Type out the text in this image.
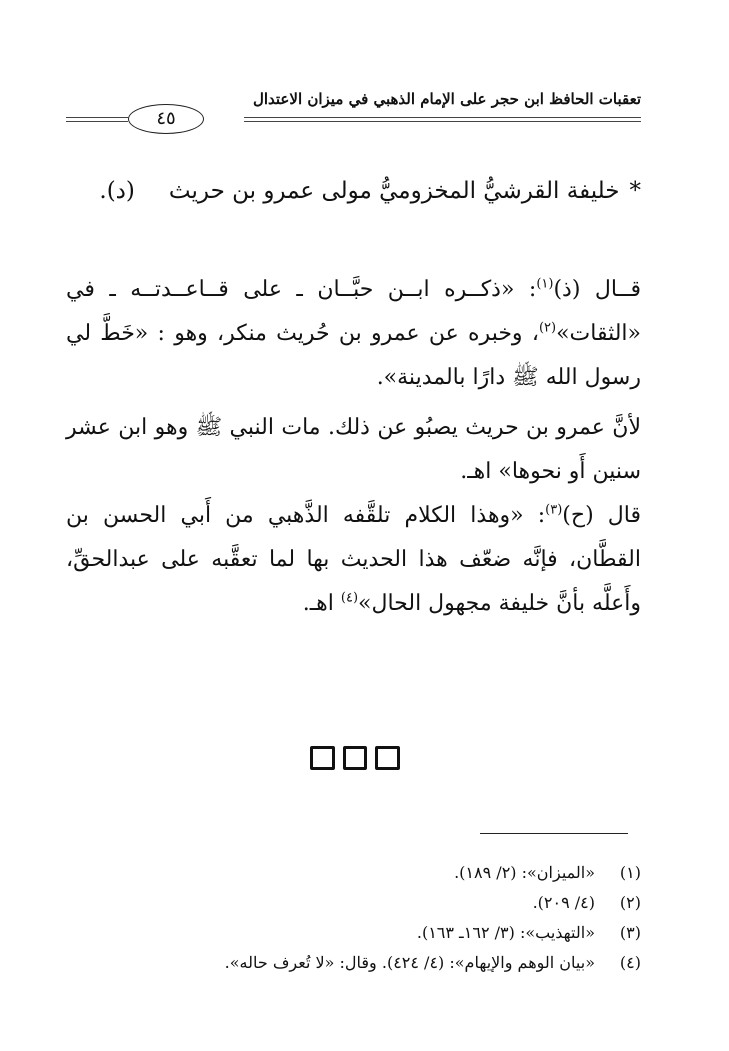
تعقبات الحافظ ابن حجر على الإمام الذهبي في ميزان الاعتدال
٤٥
*خليفة القرشيُّ المخزوميُّ مولى عمرو بن حريث(د).
قــال (ذ)$^{(١)}$: «ذكــره ابــن حبَّــان ـ على قــاعــدتــه ـ في «الثقات»$^{(٢)}$، وخبره عن عمرو بن حُريث منكر، وهو : «خَطَّ لي رسول الله ﷺ دارًا بالمدينة».
لأنَّ عمرو بن حريث يصبُو عن ذلك. مات النبي ﷺ وهو ابن عشر سنين أَو نحوها» اهـ.
قال (ح)$^{(٣)}$: «وهذا الكلام تلقَّفه الذَّهبي من أَبي الحسن بن القطَّان، فإنَّه ضعّف هذا الحديث بها لما تعقَّبه على عبدالحقِّ، وأَعلَّه بأنَّ خليفة مجهول الحال»$^{(٤)}$ اهـ.
(١)
«الميزان»: (٢/ ١٨٩).
(٢)
(٤/ ٢٠٩).
(٣)
«التهذيب»: (٣/ ١٦٢ـ ١٦٣).
(٤)
«بيان الوهم والإيهام»: (٤/ ٤٢٤). وقال: «لا تُعرف حاله».
